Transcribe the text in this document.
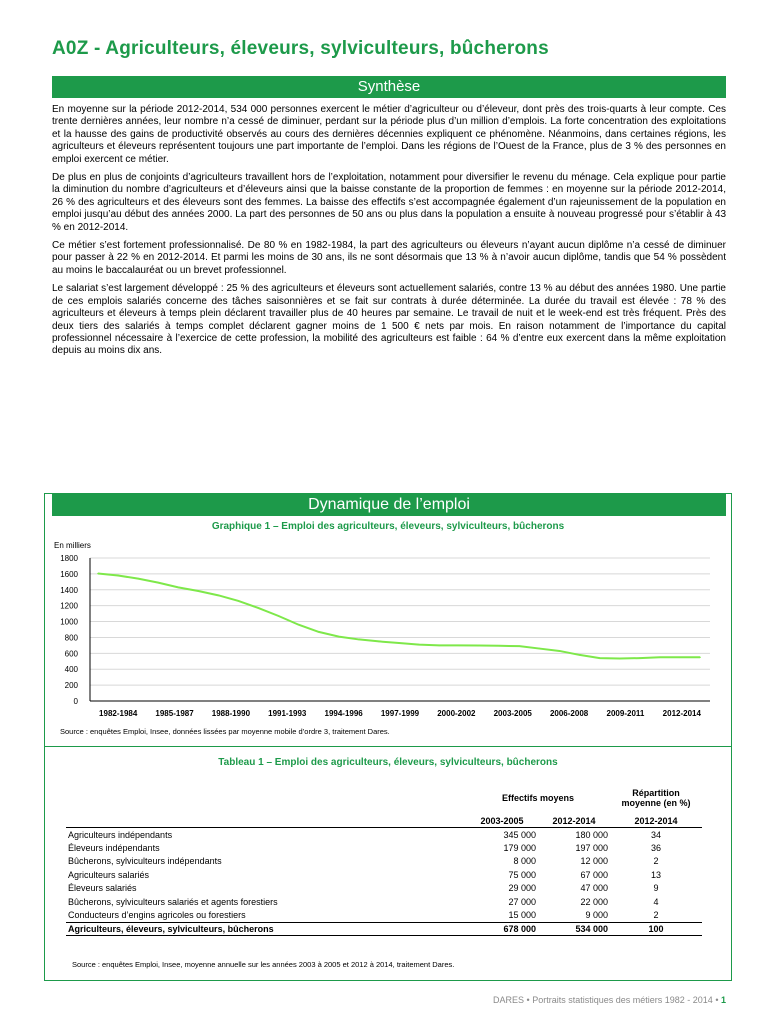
A0Z - Agriculteurs, éleveurs, sylviculteurs, bûcherons
Synthèse

En moyenne sur la période 2012-2014, 534 000 personnes exercent le métier d’agriculteur ou d’éleveur, dont près des trois-quarts à leur compte. Ces trente dernières années, leur nombre n’a cessé de diminuer, perdant sur la période plus d’un million d’emplois. La forte concentration des exploitations et la hausse des gains de productivité observés au cours des dernières décennies expliquent ce phénomène. Néanmoins, dans certaines régions, les agriculteurs et éleveurs représentent toujours une part importante de l’emploi. Dans les régions de l’Ouest de la France, plus de 3 % des personnes en emploi exercent ce métier.

De plus en plus de conjoints d’agriculteurs travaillent hors de l’exploitation, notamment pour diversifier le revenu du ménage. Cela explique pour partie la diminution du nombre d’agriculteurs et d’éleveurs ainsi que la baisse constante de la proportion de femmes : en moyenne sur la période 2012-2014, 26 % des agriculteurs et des éleveurs sont des femmes. La baisse des effectifs s’est accompagnée également d’un rajeunissement de la population en emploi jusqu’au début des années 2000. La part des personnes de 50 ans ou plus dans la population a ensuite à nouveau progressé pour s’établir à 43 % en 2012-2014.

Ce métier s’est fortement professionnalisé. De 80 % en 1982-1984, la part des agriculteurs ou éleveurs n’ayant aucun diplôme n’a cessé de diminuer pour passer à 22 % en 2012-2014. Et parmi les moins de 30 ans, ils ne sont désormais que 13 % à n’avoir aucun diplôme, tandis que 54 % possèdent au moins le baccalauréat ou un brevet professionnel.

Le salariat s’est largement développé : 25 % des agriculteurs et éleveurs sont actuellement salariés, contre 13 % au début des années 1980. Une partie de ces emplois salariés concerne des tâches saisonnières et se fait sur contrats à durée déterminée. La durée du travail est élevée : 78 % des agriculteurs et éleveurs à temps plein déclarent travailler plus de 40 heures par semaine. Le travail de nuit et le week-end est très fréquent. Près des deux tiers des salariés à temps complet déclarent gagner moins de 1 500 € nets par mois. En raison notamment de l’importance du capital professionnel nécessaire à l’exercice de cette profession, la mobilité des agriculteurs est faible : 64 % d’entre eux exercent dans la même exploitation depuis au moins dix ans.

Dynamique de l’emploi
Graphique 1 – Emploi des agriculteurs, éleveurs, sylviculteurs, bûcherons
0
200
400
600
800
1000
1200
1400
1600
1800
1982-1984 1985-1987 1988-1990 1991-1993 1994-1996 1997-1999 2000-2002 2003-2005 2006-2008 2009-2011 2012-2014
En milliers
Source : enquêtes Emploi, Insee, données lissées par moyenne mobile d’ordre 3, traitement Dares.
Tableau 1 – Emploi des agriculteurs, éleveurs, sylviculteurs, bûcherons
	Effectifs moyens		Répartition moyenne (en %)
	2003-2005	2012-2014	2012-2014
Agriculteurs indépendants	345 000	180 000	34
Éleveurs indépendants	179 000	197 000	36
Bûcherons, sylviculteurs indépendants	8 000	12 000	2
Agriculteurs salariés	75 000	67 000	13
Éleveurs salariés	29 000	47 000	9
Bûcherons, sylviculteurs salariés et agents forestiers	27 000	22 000	4
Conducteurs d’engins agricoles ou forestiers	15 000	9 000	2
Agriculteurs, éleveurs, sylviculteurs, bûcherons	678 000	534 000	100
Source : enquêtes Emploi, Insee, moyenne annuelle sur les années 2003 à 2005 et 2012 à 2014, traitement Dares.
DARES • Portraits statistiques des métiers 1982 - 2014 • 1
